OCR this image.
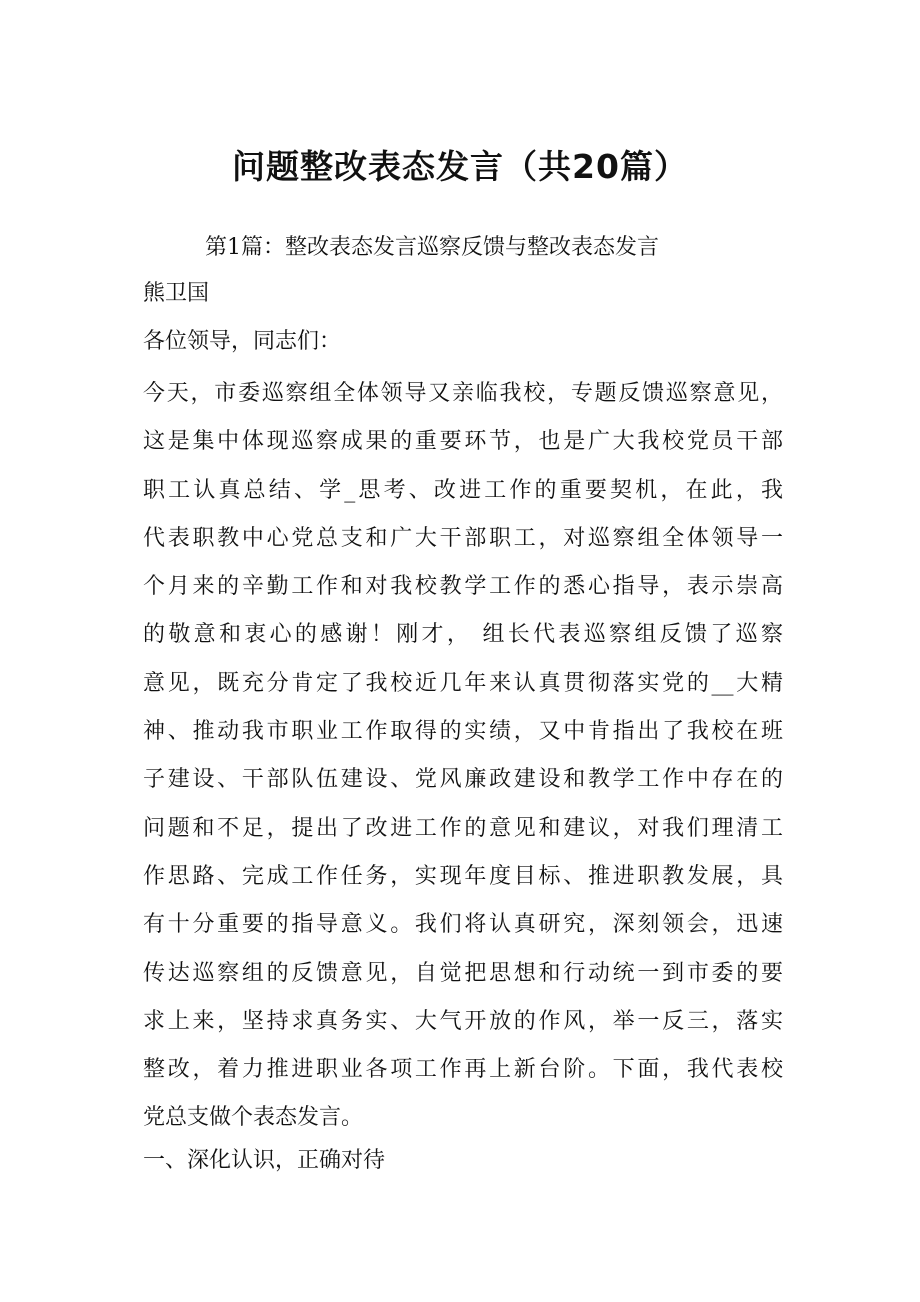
问题整改表态发言（共20篇）
第1篇：整改表态发言巡察反馈与整改表态发言
熊卫国
各位领导，同志们：
今天，市委巡察组全体领导又亲临我校，专题反馈巡察意见，
这是集中体现巡察成果的重要环节，也是广大我校党员干部
职工认真总结、学_思考、改进工作的重要契机，在此，我
代表职教中心党总支和广大干部职工，对巡察组全体领导一
个月来的辛勤工作和对我校教学工作的悉心指导，表示崇高
的敬意和衷心的感谢！刚才， 组长代表巡察组反馈了巡察
意见，既充分肯定了我校近几年来认真贯彻落实党的__大精
神、推动我市职业工作取得的实绩，又中肯指出了我校在班
子建设、干部队伍建设、党风廉政建设和教学工作中存在的
问题和不足，提出了改进工作的意见和建议，对我们理清工
作思路、完成工作任务，实现年度目标、推进职教发展，具
有十分重要的指导意义。我们将认真研究，深刻领会，迅速
传达巡察组的反馈意见，自觉把思想和行动统一到市委的要
求上来，坚持求真务实、大气开放的作风，举一反三，落实
整改，着力推进职业各项工作再上新台阶。下面，我代表校
党总支做个表态发言。
一、深化认识，正确对待
